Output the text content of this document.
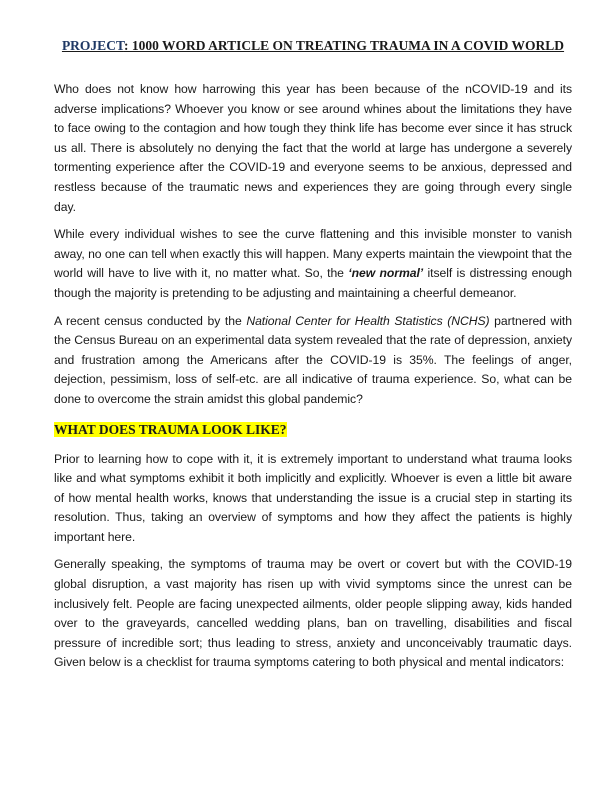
PROJECT: 1000 WORD ARTICLE ON TREATING TRAUMA IN A COVID WORLD

Who does not know how harrowing this year has been because of the nCOVID-19 and its adverse implications? Whoever you know or see around whines about the limitations they have to face owing to the contagion and how tough they think life has become ever since it has struck us all. There is absolutely no denying the fact that the world at large has undergone a severely tormenting experience after the COVID-19 and everyone seems to be anxious, depressed and restless because of the traumatic news and experiences they are going through every single day.

While every individual wishes to see the curve flattening and this invisible monster to vanish away, no one can tell when exactly this will happen. Many experts maintain the viewpoint that the world will have to live with it, no matter what. So, the ‘new normal’ itself is distressing enough though the majority is pretending to be adjusting and maintaining a cheerful demeanor.

A recent census conducted by the National Center for Health Statistics (NCHS) partnered with the Census Bureau on an experimental data system revealed that the rate of depression, anxiety and frustration among the Americans after the COVID-19 is 35%. The feelings of anger, dejection, pessimism, loss of self-etc. are all indicative of trauma experience. So, what can be done to overcome the strain amidst this global pandemic?

WHAT DOES TRAUMA LOOK LIKE?

Prior to learning how to cope with it, it is extremely important to understand what trauma looks like and what symptoms exhibit it both implicitly and explicitly. Whoever is even a little bit aware of how mental health works, knows that understanding the issue is a crucial step in starting its resolution. Thus, taking an overview of symptoms and how they affect the patients is highly important here.

Generally speaking, the symptoms of trauma may be overt or covert but with the COVID-19 global disruption, a vast majority has risen up with vivid symptoms since the unrest can be inclusively felt. People are facing unexpected ailments, older people slipping away, kids handed over to the graveyards, cancelled wedding plans, ban on travelling, disabilities and fiscal pressure of incredible sort; thus leading to stress, anxiety and unconceivably traumatic days. Given below is a checklist for trauma symptoms catering to both physical and mental indicators:
